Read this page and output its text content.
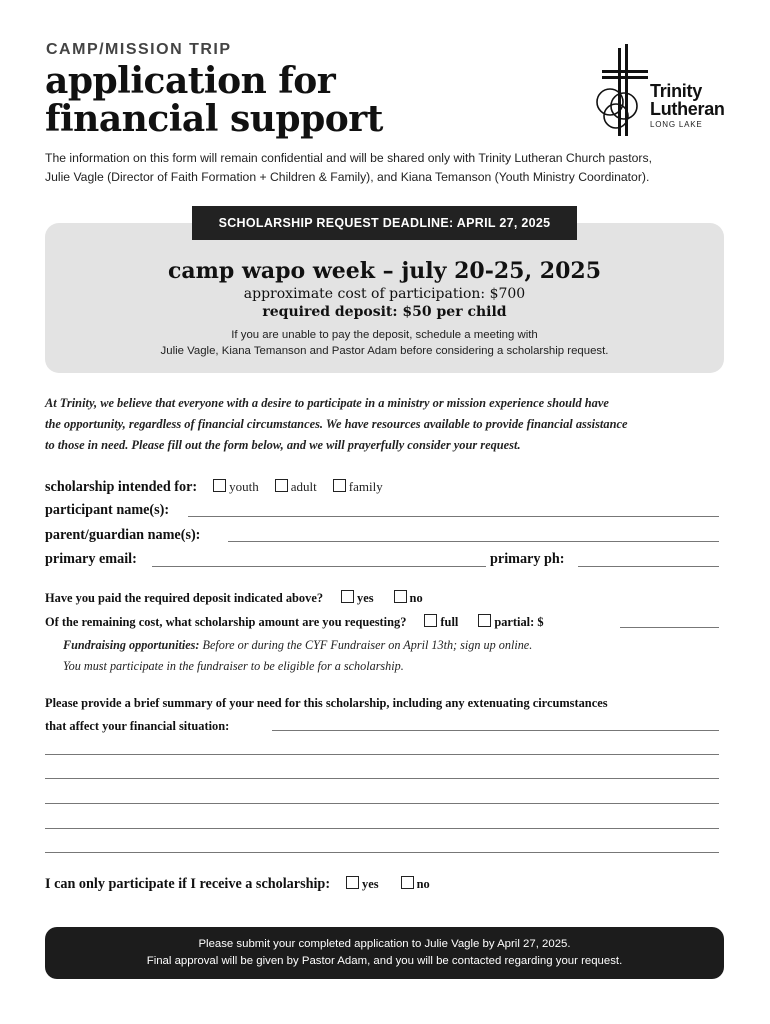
CAMP/MISSION TRIP
application for
financial support
The information on this form will remain confidential and will be shared only with Trinity Lutheran Church pastors,
Julie Vagle (Director of Faith Formation + Children & Family), and Kiana Temanson (Youth Ministry Coordinator).
Trinity
Lutheran
LONG LAKE
SCHOLARSHIP REQUEST DEADLINE: APRIL 27, 2025
camp wapo week – july 20-25, 2025
approximate cost of participation: $700
required deposit: $50 per child
If you are unable to pay the deposit, schedule a meeting with
Julie Vagle, Kiana Temanson and Pastor Adam before considering a scholarship request.
At Trinity, we believe that everyone with a desire to participate in a ministry or mission experience should have
the opportunity, regardless of financial circumstances. We have resources available to provide financial assistance
to those in need. Please fill out the form below, and we will prayerfully consider your request.
scholarship intended for: youth adult family
participant name(s):
parent/guardian name(s):
primary email:	primary ph:
Have you paid the required deposit indicated above?	yes	no
Of the remaining cost, what scholarship amount are you requesting?	full	partial: $
Fundraising opportunities: Before or during the CYF Fundraiser on April 13th; sign up online.
You must participate in the fundraiser to be eligible for a scholarship.
Please provide a brief summary of your need for this scholarship, including any extenuating circumstances
that affect your financial situation:
I can only participate if I receive a scholarship:	yes	no
Please submit your completed application to Julie Vagle by April 27, 2025.
Final approval will be given by Pastor Adam, and you will be contacted regarding your request.
